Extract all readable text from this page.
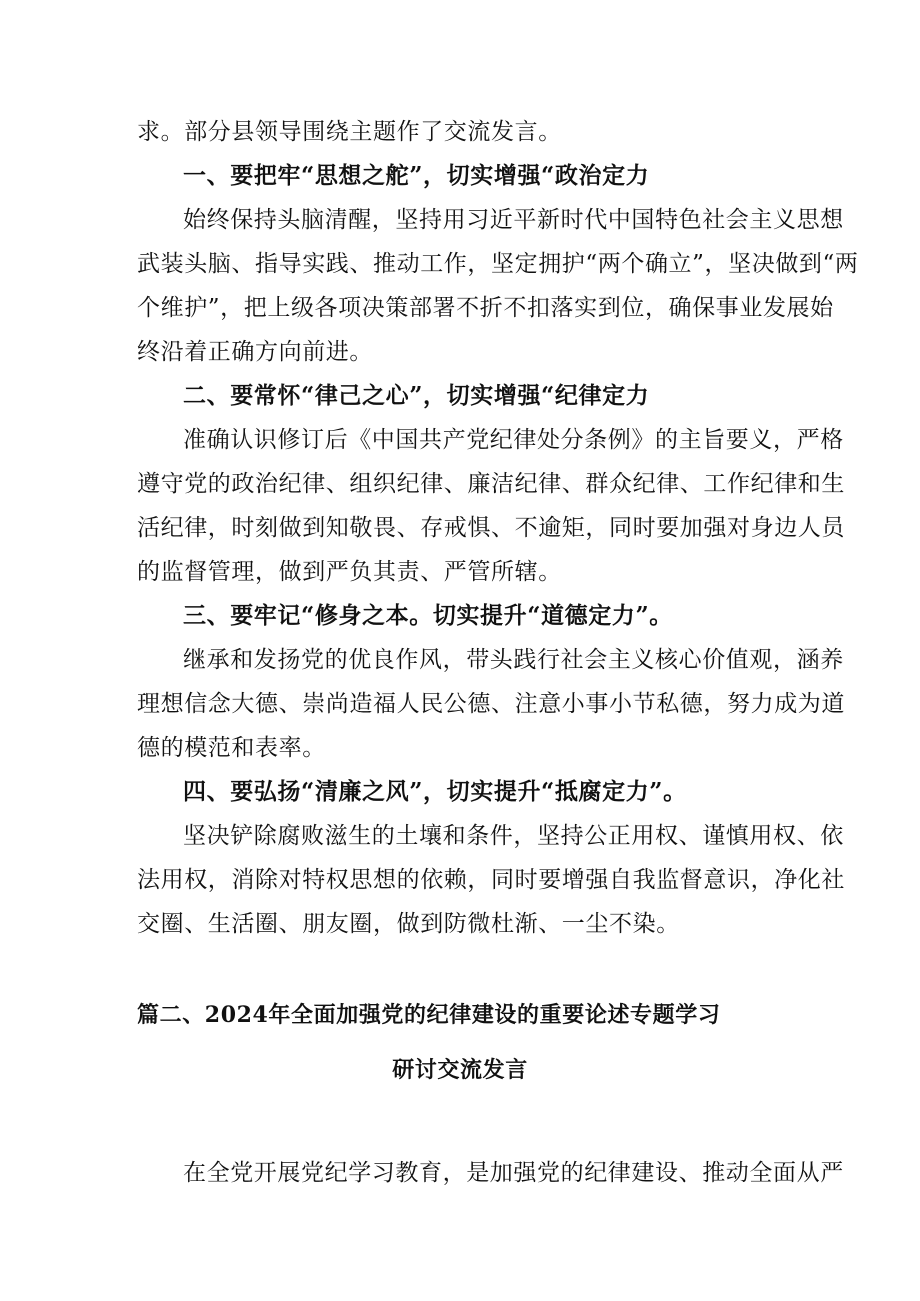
求。部分县领导围绕主题作了交流发言。
一、要把牢“思想之舵”，切实增强“政治定力
始终保持头脑清醒，坚持用习近平新时代中国特色社会主义思想
武装头脑、指导实践、推动工作，坚定拥护“两个确立”，坚决做到“两
个维护”，把上级各项决策部署不折不扣落实到位，确保事业发展始
终沿着正确方向前进。
二、要常怀“律己之心”，切实增强“纪律定力
准确认识修订后《中国共产党纪律处分条例》的主旨要义，严格
遵守党的政治纪律、组织纪律、廉洁纪律、群众纪律、工作纪律和生
活纪律，时刻做到知敬畏、存戒惧、不逾矩，同时要加强对身边人员
的监督管理，做到严负其责、严管所辖。
三、要牢记“修身之本。切实提升“道德定力”。
继承和发扬党的优良作风，带头践行社会主义核心价值观，涵养
理想信念大德、崇尚造福人民公德、注意小事小节私德，努力成为道
德的模范和表率。
四、要弘扬“清廉之风”，切实提升“抵腐定力”。
坚决铲除腐败滋生的土壤和条件，坚持公正用权、谨慎用权、依
法用权，消除对特权思想的依赖，同时要增强自我监督意识，净化社
交圈、生活圈、朋友圈，做到防微杜渐、一尘不染。
篇二、2024年全面加强党的纪律建设的重要论述专题学习
研讨交流发言
在全党开展党纪学习教育，是加强党的纪律建设、推动全面从严
